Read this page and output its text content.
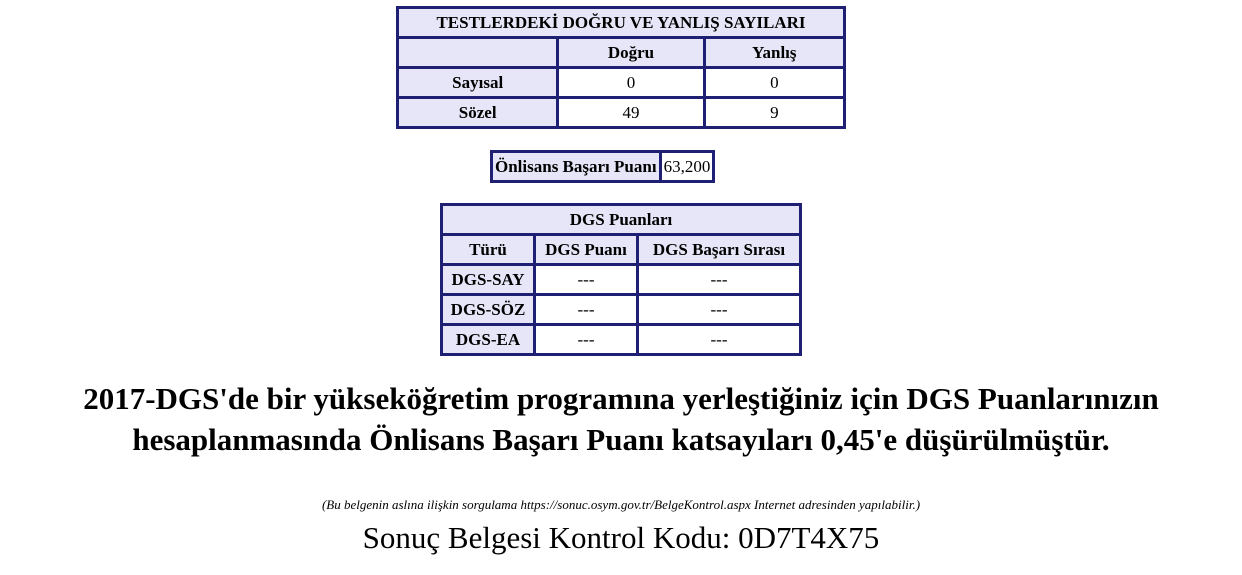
TESTLERDEKİ DOĞRU VE YANLIŞ SAYILARI		
	Doğru	Yanlış
Sayısal	0	0
Sözel	49	9
Önlisans Başarı Puanı	63,200
DGS Puanları		
Türü	DGS Puanı	DGS Başarı Sırası
DGS-SAY	---	---
DGS-SÖZ	---	---
DGS-EA	---	---
2017-DGS'de bir yükseköğretim programına yerleştiğiniz için DGS Puanlarınızın
hesaplanmasında Önlisans Başarı Puanı katsayıları 0,45'e düşürülmüştür.
(Bu belgenin aslına ilişkin sorgulama https://sonuc.osym.gov.tr/BelgeKontrol.aspx Internet adresinden yapılabilir.)
Sonuç Belgesi Kontrol Kodu: 0D7T4X75
